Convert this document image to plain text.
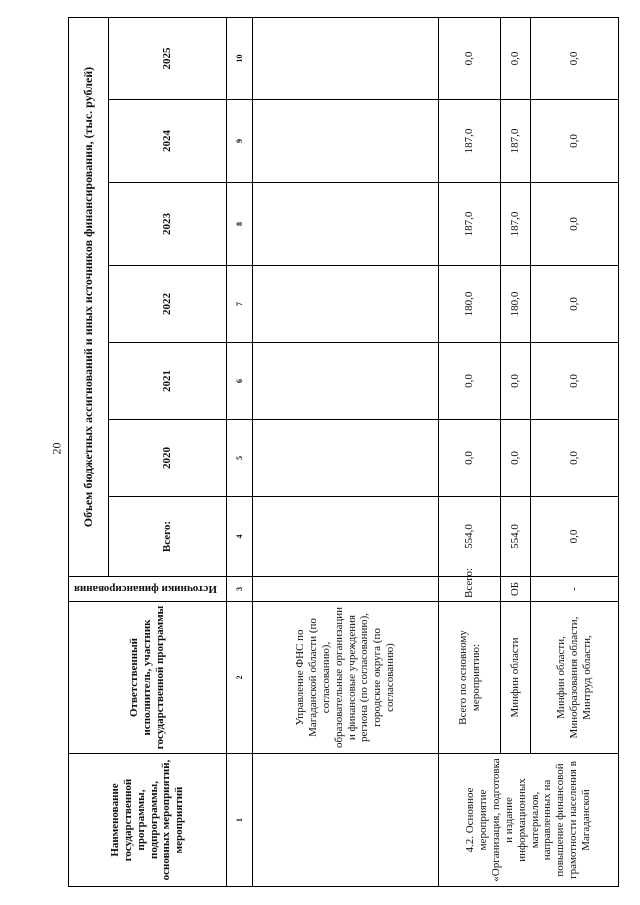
20
Наименование государственной программы, подпрограммы, основных мероприятий, мероприятий	Ответственный исполнитель, участник государственной программы	Источники финансирования	Объем бюджетных ассигнований и иных источников финансирования, (тыс. рублей)						
			Всего:	2020	2021	2022	2023	2024	2025
1	2	3	4	5	6	7	8	9	10
	Управление ФНС по Магаданской области (по согласованию), образовательные организации и финансовые учреждения региона (по согласованию), городские округа (по согласованию)								
4.2. Основное мероприятие «Организация, подготовка и издание информационных материалов, направленных на повышение финансовой грамотности населения в Магаданской	Всего по основному мероприятию:	Всего:	554,0	0,0	0,0	180,0	187,0	187,0	0,0
	Минфин области	ОБ	554,0	0,0	0,0	180,0	187,0	187,0	0,0
	Минфин области, Минобразования области, Минтруд области,	-	0,0	0,0	0,0	0,0	0,0	0,0	0,0
